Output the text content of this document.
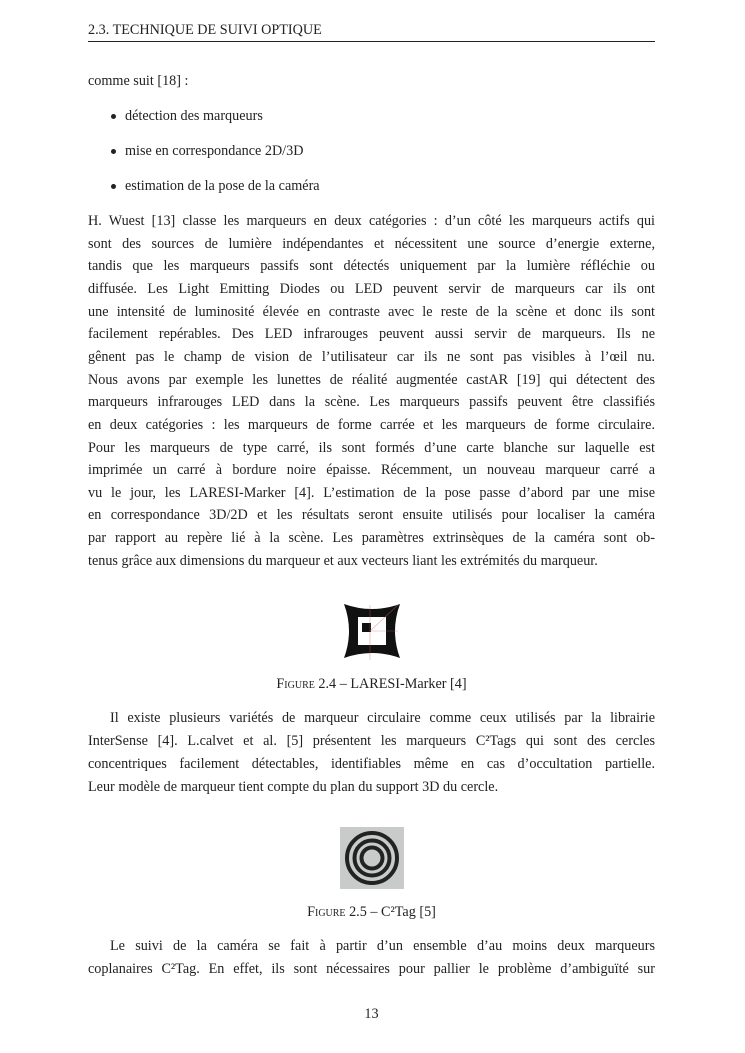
2.3. TECHNIQUE DE SUIVI OPTIQUE
comme suit [18] :
détection des marqueurs
mise en correspondance 2D/3D
estimation de la pose de la caméra
H. Wuest [13] classe les marqueurs en deux catégories : d’un côté les marqueurs actifs qui
sont des sources de lumière indépendantes et nécessitent une source d’energie externe,
tandis que les marqueurs passifs sont détectés uniquement par la lumière réfléchie ou
diffusée. Les Light Emitting Diodes ou LED peuvent servir de marqueurs car ils ont
une intensité de luminosité élevée en contraste avec le reste de la scène et donc ils sont
facilement repérables. Des LED infrarouges peuvent aussi servir de marqueurs. Ils ne
gênent pas le champ de vision de l’utilisateur car ils ne sont pas visibles à l’œil nu.
Nous avons par exemple les lunettes de réalité augmentée castAR [19] qui détectent des
marqueurs infrarouges LED dans la scène. Les marqueurs passifs peuvent être classifiés
en deux catégories : les marqueurs de forme carrée et les marqueurs de forme circulaire.
Pour les marqueurs de type carré, ils sont formés d’une carte blanche sur laquelle est
imprimée un carré à bordure noire épaisse. Récemment, un nouveau marqueur carré a
vu le jour, les LARESI-Marker [4]. L’estimation de la pose passe d’abord par une mise
en correspondance 3D/2D et les résultats seront ensuite utilisés pour localiser la caméra
par rapport au repère lié à la scène. Les paramètres extrinsèques de la caméra sont ob-
tenus grâce aux dimensions du marqueur et aux vecteurs liant les extrémités du marqueur.
Figure 2.4 – LARESI-Marker [4]
Il existe plusieurs variétés de marqueur circulaire comme ceux utilisés par la librairie
InterSense [4]. L.calvet et al. [5] présentent les marqueurs C²Tags qui sont des cercles
concentriques facilement détectables, identifiables même en cas d’occultation partielle.
Leur modèle de marqueur tient compte du plan du support 3D du cercle.
Figure 2.5 – C²Tag [5]
Le suivi de la caméra se fait à partir d’un ensemble d’au moins deux marqueurs
coplanaires C²Tag. En effet, ils sont nécessaires pour pallier le problème d’ambiguïté sur
13
